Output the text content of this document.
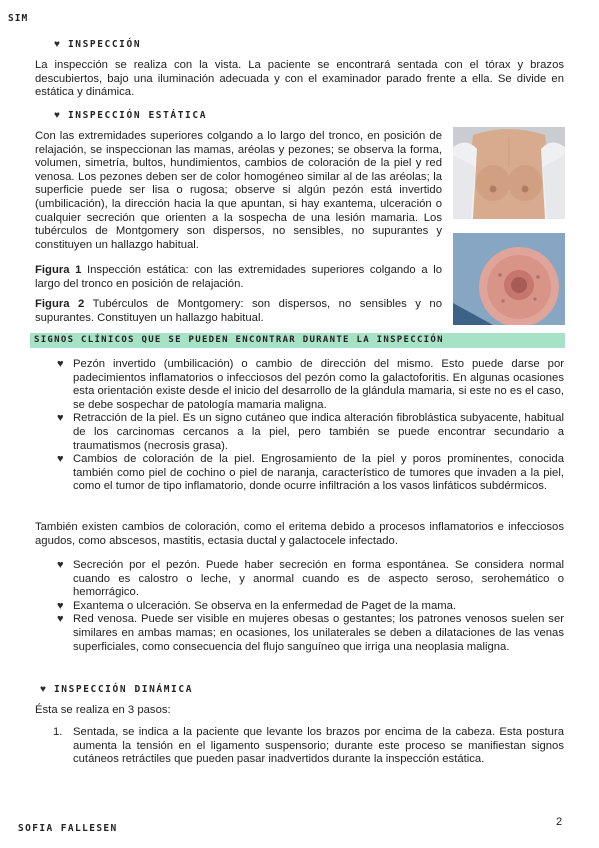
SIM
♥ INSPECCIÓN
La inspección se realiza con la vista. La paciente se encontrará sentada con el tórax y brazos descubiertos, bajo una iluminación adecuada y con el examinador parado frente a ella. Se divide en estática y dinámica.
♥ INSPECCIÓN ESTÁTICA
Con las extremidades superiores colgando a lo largo del tronco, en posición de relajación, se inspeccionan las mamas, aréolas y pezones; se observa la forma, volumen, simetría, bultos, hundimientos, cambios de coloración de la piel y red venosa. Los pezones deben ser de color homogéneo similar al de las aréolas; la superficie puede ser lisa o rugosa; observe si algún pezón está invertido (umbilicación), la dirección hacia la que apuntan, si hay exantema, ulceración o cualquier secreción que orienten a la sospecha de una lesión mamaria. Los tubérculos de Montgomery son dispersos, no sensibles, no supurantes y constituyen un hallazgo habitual.
Figura 1 Inspección estática: con las extremidades superiores colgando a lo largo del tronco en posición de relajación.
Figura 2 Tubérculos de Montgomery: son dispersos, no sensibles y no supurantes. Constituyen un hallazgo habitual.
SIGNOS CLÍNICOS QUE SE PUEDEN ENCONTRAR DURANTE LA INSPECCIÓN
♥ Pezón invertido (umbilicación) o cambio de dirección del mismo. Esto puede darse por padecimientos inflamatorios o infecciosos del pezón como la galactoforitis. En algunas ocasiones esta orientación existe desde el inicio del desarrollo de la glándula mamaria, si este no es el caso, se debe sospechar de patología mamaria maligna.
♥ Retracción de la piel. Es un signo cutáneo que indica alteración fibroblástica subyacente, habitual de los carcinomas cercanos a la piel, pero también se puede encontrar secundario a traumatismos (necrosis grasa).
♥ Cambios de coloración de la piel. Engrosamiento de la piel y poros prominentes, conocida también como piel de cochino o piel de naranja, característico de tumores que invaden a la piel, como el tumor de tipo inflamatorio, donde ocurre infiltración a los vasos linfáticos subdérmicos.
También existen cambios de coloración, como el eritema debido a procesos inflamatorios e infecciosos agudos, como abscesos, mastitis, ectasia ductal y galactocele infectado.
♥ Secreción por el pezón. Puede haber secreción en forma espontánea. Se considera normal cuando es calostro o leche, y anormal cuando es de aspecto seroso, serohemático o hemorrágico.
♥ Exantema o ulceración. Se observa en la enfermedad de Paget de la mama.
♥ Red venosa. Puede ser visible en mujeres obesas o gestantes; los patrones venosos suelen ser similares en ambas mamas; en ocasiones, los unilaterales se deben a dilataciones de las venas superficiales, como consecuencia del flujo sanguíneo que irriga una neoplasia maligna.
♥ INSPECCIÓN DINÁMICA
Ésta se realiza en 3 pasos:
1. Sentada, se indica a la paciente que levante los brazos por encima de la cabeza. Esta postura aumenta la tensión en el ligamento suspensorio; durante este proceso se manifiestan signos cutáneos retráctiles que pueden pasar inadvertidos durante la inspección estática.
SOFIA FALLESEN
2
